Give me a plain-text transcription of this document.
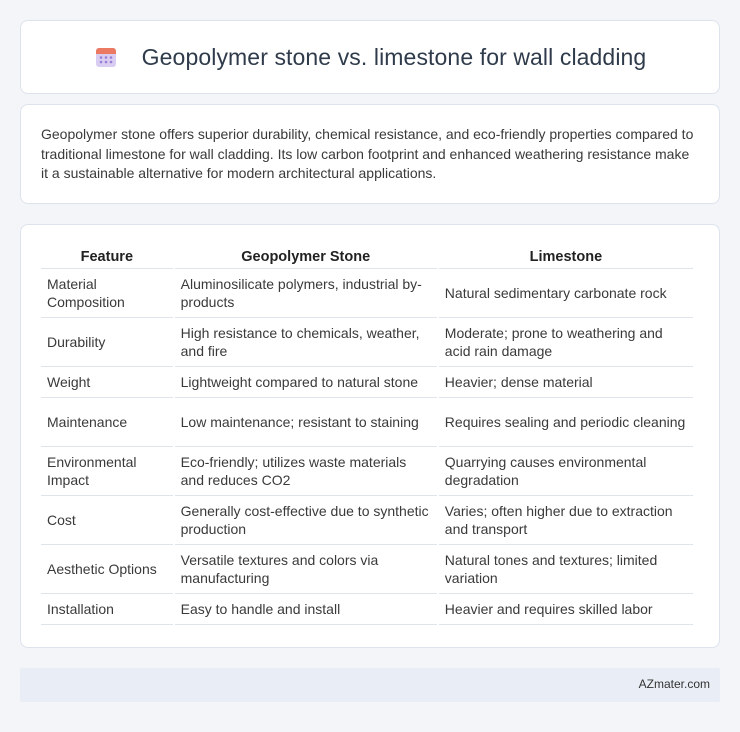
Geopolymer stone vs. limestone for wall cladding

Geopolymer stone offers superior durability, chemical resistance, and eco-friendly properties compared to traditional limestone for wall cladding. Its low carbon footprint and enhanced weathering resistance make it a sustainable alternative for modern architectural applications.

Feature	Geopolymer Stone	Limestone
Material Composition	Aluminosilicate polymers, industrial by-products	Natural sedimentary carbonate rock
Durability	High resistance to chemicals, weather, and fire	Moderate; prone to weathering and acid rain damage
Weight	Lightweight compared to natural stone	Heavier; dense material
Maintenance	Low maintenance; resistant to staining	Requires sealing and periodic cleaning
Environmental Impact	Eco-friendly; utilizes waste materials and reduces CO2	Quarrying causes environmental degradation
Cost	Generally cost-effective due to synthetic production	Varies; often higher due to extraction and transport
Aesthetic Options	Versatile textures and colors via manufacturing	Natural tones and textures; limited variation
Installation	Easy to handle and install	Heavier and requires skilled labor
AZmater.com
